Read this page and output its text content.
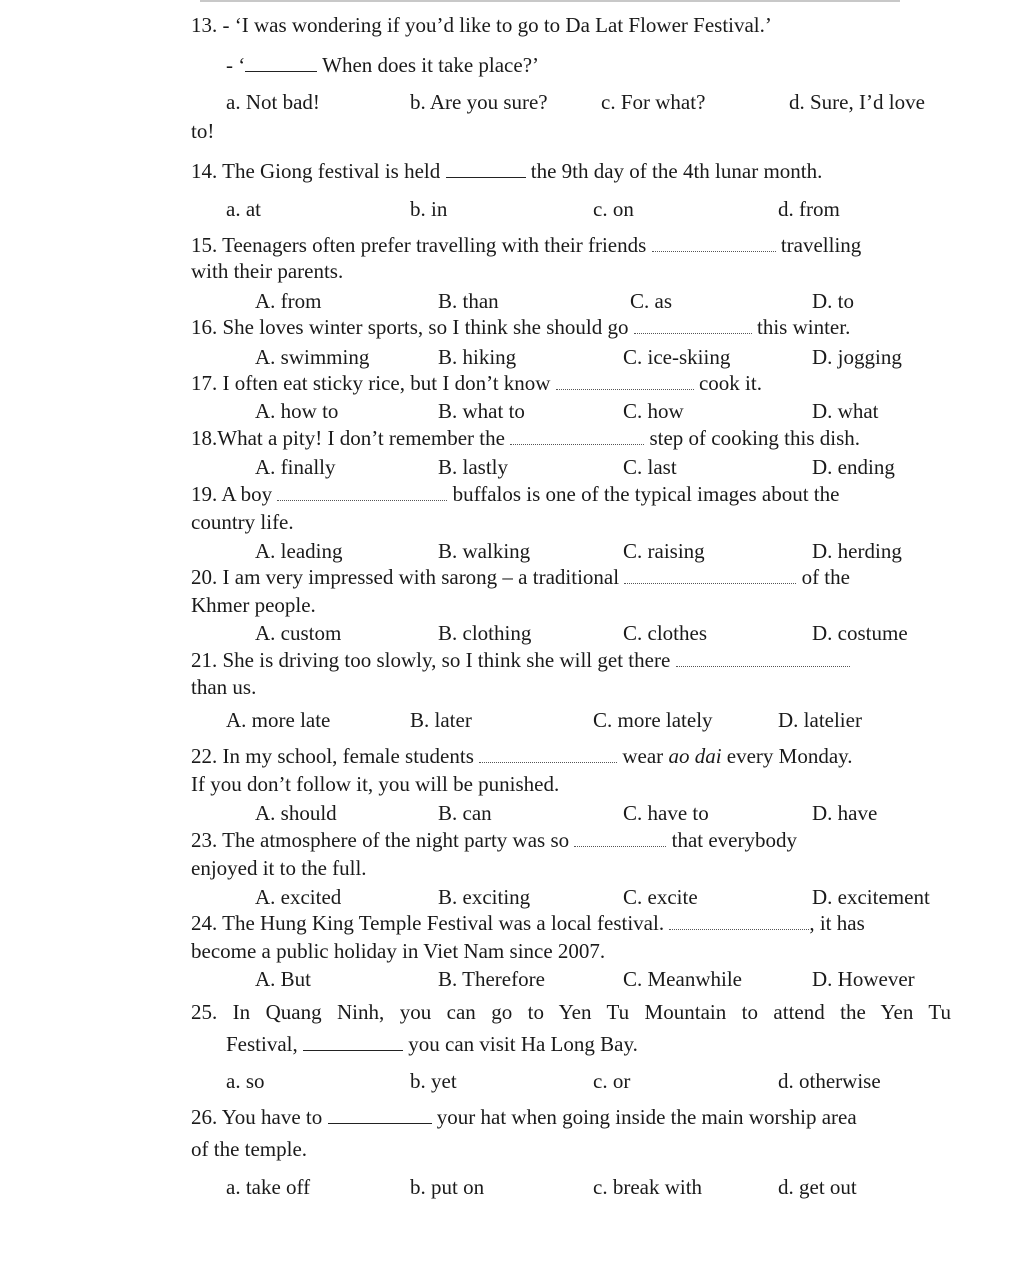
13. - ‘I was wondering if you’d like to go to Da Lat Flower Festival.’
- ‘	When does it take place?’
a. Not bad!	b. Are you sure?	c. For what?	d. Sure, I’d love
to!
14. The Giong festival is held	the 9th day of the 4th lunar month.
a. at	b. in	c. on	d. from
15. Teenagers often prefer travelling with their friends	travelling
with their parents.
A. from	B. than	C. as	D. to
16. She loves winter sports, so I think she should go	this winter.
A. swimming	B. hiking	C. ice-skiing	D. jogging
17. I often eat sticky rice, but I don’t know	cook it.
A. how to	B. what to	C. how	D. what
18.What a pity! I don’t remember the	step of cooking this dish.
A. finally	B. lastly	C. last	D. ending
19. A boy	buffalos is one of the typical images about the
country life.
A. leading	B. walking	C. raising	D. herding
20. I am very impressed with sarong – a traditional	of the
Khmer people.
A. custom	B. clothing	C. clothes	D. costume
21. She is driving too slowly, so I think she will get there
than us.
A. more late	B. later	C. more lately	D. latelier
22. In my school, female students	wear ao dai every Monday.
If you don’t follow it, you will be punished.
A. should	B. can	C. have to	D. have
23. The atmosphere of the night party was so	that everybody
enjoyed it to the full.
A. excited	B. exciting	C. excite	D. excitement
24. The Hung King Temple Festival was a local festival.	, it has
become a public holiday in Viet Nam since 2007.
A. But	B. Therefore	C. Meanwhile	D. However
25. In Quang Ninh, you can go to Yen Tu Mountain to attend the Yen Tu
Festival,	you can visit Ha Long Bay.
a. so	b. yet	c. or	d. otherwise
26. You have to	your hat when going inside the main worship area
of the temple.
a. take off	b. put on	c. break with	d. get out
